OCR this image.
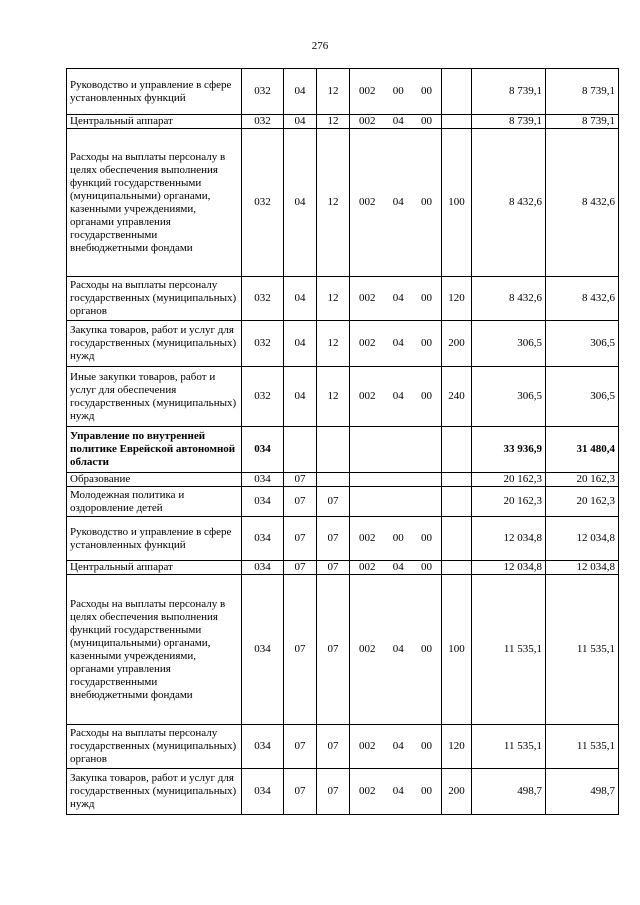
276
Руководство и управление в сфере установленных функций	032	04	12	002 00 00		8 739,1	8 739,1
Центральный аппарат	032	04	12	002 04 00		8 739,1	8 739,1
Расходы на выплаты персоналу в целях обеспечения выполнения функций государственными (муниципальными) органами, казенными учреждениями, органами управления государственными внебюджетными фондами	032	04	12	002 04 00	100	8 432,6	8 432,6
Расходы на выплаты персоналу государственных (муниципальных) органов	032	04	12	002 04 00	120	8 432,6	8 432,6
Закупка товаров, работ и услуг для государственных (муниципальных) нужд	032	04	12	002 04 00	200	306,5	306,5
Иные закупки товаров, работ и услуг для обеспечения государственных (муниципальных) нужд	032	04	12	002 04 00	240	306,5	306,5
Управление по внутренней политике Еврейской автономной области	034					33 936,9	31 480,4
Образование	034	07				20 162,3	20 162,3
Молодежная политика и оздоровление детей	034	07	07			20 162,3	20 162,3
Руководство и управление в сфере установленных функций	034	07	07	002 00 00		12 034,8	12 034,8
Центральный аппарат	034	07	07	002 04 00		12 034,8	12 034,8
Расходы на выплаты персоналу в целях обеспечения выполнения функций государственными (муниципальными) органами, казенными учреждениями, органами управления государственными внебюджетными фондами	034	07	07	002 04 00	100	11 535,1	11 535,1
Расходы на выплаты персоналу государственных (муниципальных) органов	034	07	07	002 04 00	120	11 535,1	11 535,1
Закупка товаров, работ и услуг для государственных (муниципальных) нужд	034	07	07	002 04 00	200	498,7	498,7
